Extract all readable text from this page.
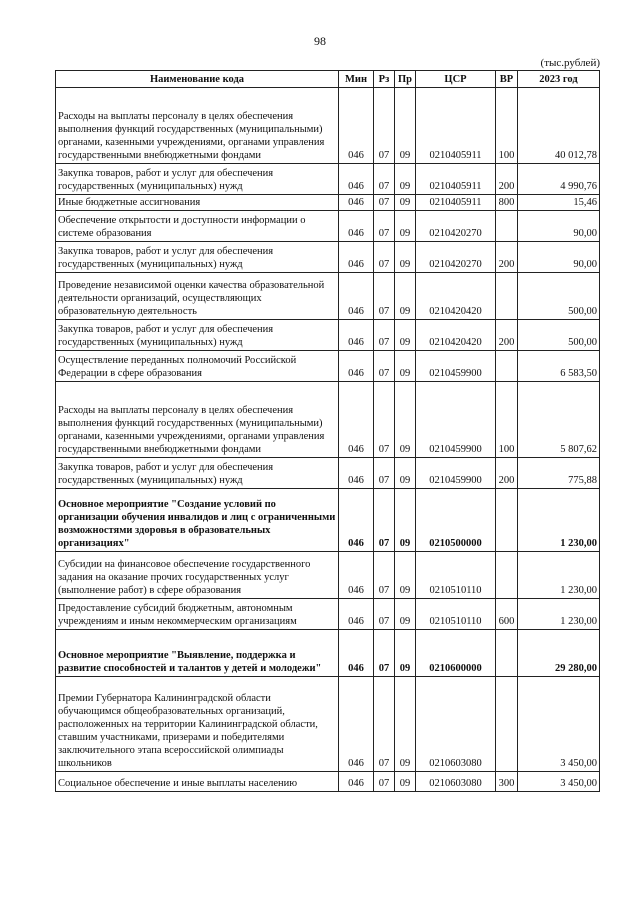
98
(тыс.рублей)
Наименование кода	Мин	Рз	Пр	ЦСР	ВР	2023 год
Расходы на выплаты персоналу в целях обеспечения выполнения функций государственных (муниципальными) органами, казенными учреждениями, органами управления государственными внебюджетными фондами	046	07	09	0210405911	100	40 012,78
Закупка товаров, работ и услуг для обеспечения государственных (муниципальных) нужд	046	07	09	0210405911	200	4 990,76
Иные бюджетные ассигнования	046	07	09	0210405911	800	15,46
Обеспечение открытости и доступности информации о системе образования	046	07	09	0210420270		90,00
Закупка товаров, работ и услуг для обеспечения государственных (муниципальных) нужд	046	07	09	0210420270	200	90,00
Проведение независимой оценки качества образовательной деятельности организаций, осуществляющих образовательную деятельность	046	07	09	0210420420		500,00
Закупка товаров, работ и услуг для обеспечения государственных (муниципальных) нужд	046	07	09	0210420420	200	500,00
Осуществление переданных полномочий Российской Федерации в сфере образования	046	07	09	0210459900		6 583,50
Расходы на выплаты персоналу в целях обеспечения выполнения функций государственных (муниципальными) органами, казенными учреждениями, органами управления государственными внебюджетными фондами	046	07	09	0210459900	100	5 807,62
Закупка товаров, работ и услуг для обеспечения государственных (муниципальных) нужд	046	07	09	0210459900	200	775,88
Основное мероприятие "Создание условий по организации обучения инвалидов и лиц с ограниченными возможностями здоровья в образовательных организациях"	046	07	09	0210500000		1 230,00
Субсидии на финансовое обеспечение государственного задания на оказание прочих государственных услуг (выполнение работ) в сфере образования	046	07	09	0210510110		1 230,00
Предоставление субсидий бюджетным, автономным учреждениям и иным некоммерческим организациям	046	07	09	0210510110	600	1 230,00
Основное мероприятие "Выявление, поддержка и развитие способностей и талантов у детей и молодежи"	046	07	09	0210600000		29 280,00
Премии Губернатора Калининградской области обучающимся общеобразовательных организаций, расположенных на территории Калининградской области, ставшим участниками, призерами и победителями заключительного этапа всероссийской олимпиады школьников	046	07	09	0210603080		3 450,00
Социальное обеспечение и иные выплаты населению	046	07	09	0210603080	300	3 450,00
